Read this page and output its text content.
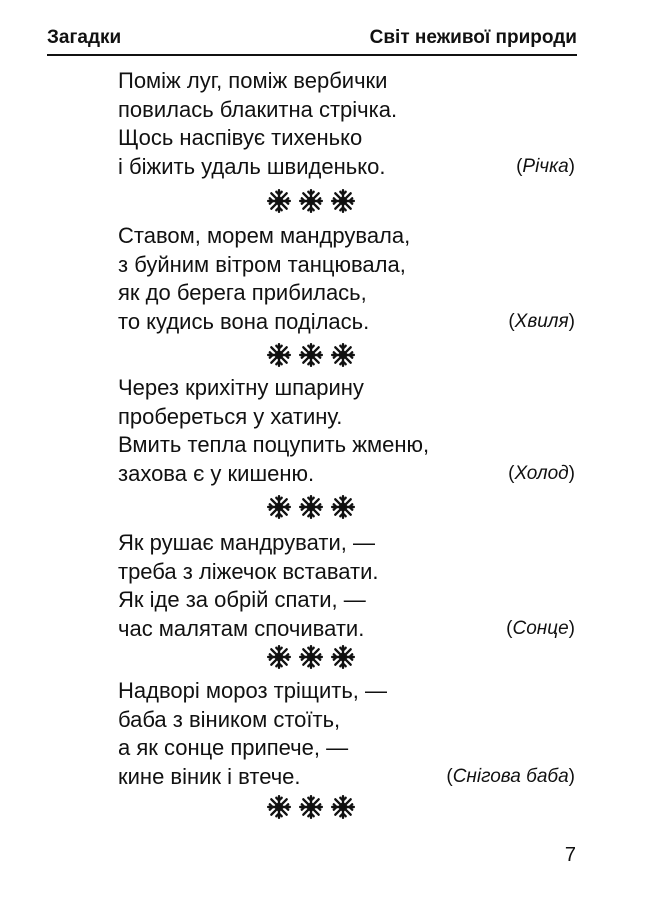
Загадки	Світ неживої природи
Поміж луг, поміж вербички
повилась блакитна стрічка.
Щось наспівує тихенько
і біжить удаль швиденько.	(Річка)
Ставом, морем мандрувала,
з буйним вітром танцювала,
як до берега прибилась,
то кудись вона поділась.	(Хвиля)
Через крихітну шпарину
пробереться у хатину.
Вмить тепла поцупить жменю,
захова є у кишеню.	(Холод)
Як рушає мандрувати, —
треба з ліжечок вставати.
Як іде за обрій спати, —
час малятам спочивати.	(Сонце)
Надворі мороз тріщить, —
баба з віником стоїть,
а як сонце припече, —
кине віник і втече.	(Снігова баба)
7
